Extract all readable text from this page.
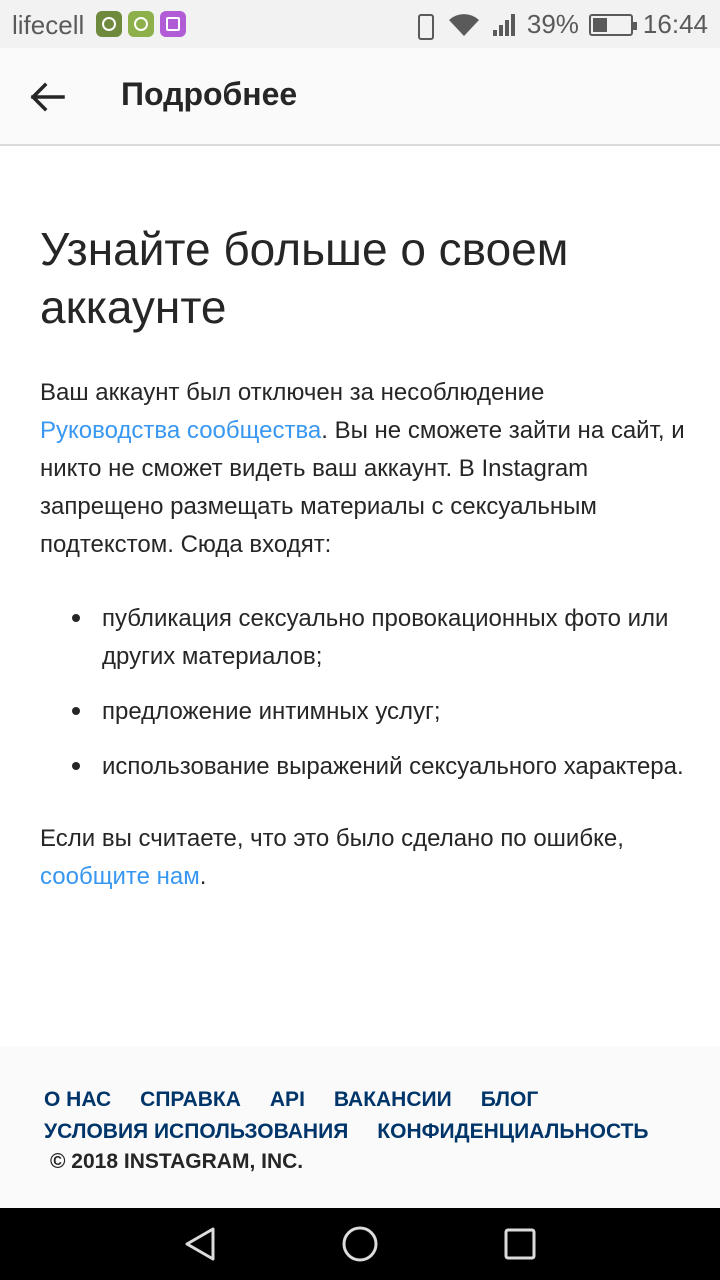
lifecell	39% 16:44
Подробнее
Узнайте больше о своем аккаунте

Ваш аккаунт был отключен за несоблюдение Руководства сообщества. Вы не сможете зайти на сайт, и никто не сможет видеть ваш аккаунт. В Instagram запрещено размещать материалы с сексуальным подтекстом. Сюда входят:

публикация сексуально провокационных фото или других материалов;
предложение интимных услуг;
использование выражений сексуального характера.

Если вы считаете, что это было сделано по ошибке, сообщите нам.

О НАС СПРАВКА API ВАКАНСИИ БЛОГ
УСЛОВИЯ ИСПОЛЬЗОВАНИЯ КОНФИДЕНЦИАЛЬНОСТЬ
© 2018 INSTAGRAM, INC.
